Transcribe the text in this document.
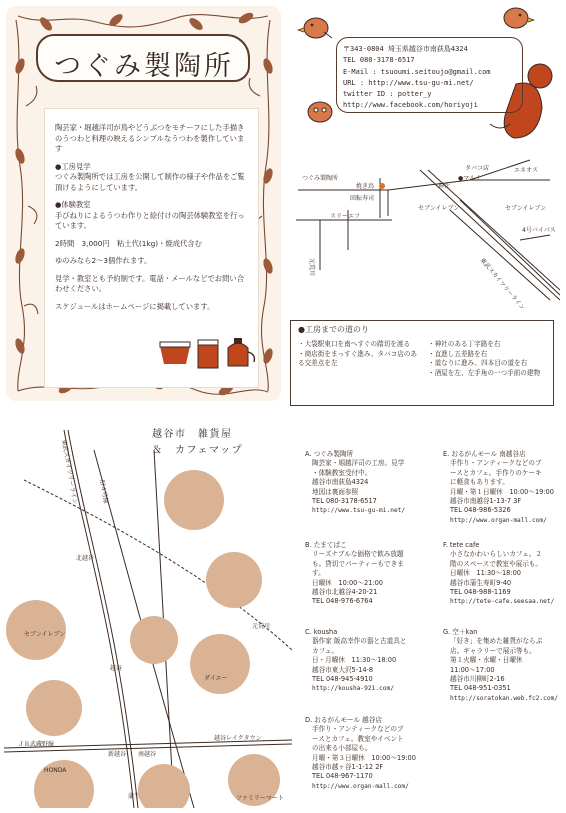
つぐみ製陶所

陶芸家・堀越洋司が鳥やどうぶつをモチーフにした手描きのうつわと料理の映えるシンプルなうつわを製作しています

●工房見学

つぐみ製陶所では工房を公開して制作の様子や作品をご覧頂けるようにしています。

●体験教室

手びねりによるうつわ作りと絵付けの陶芸体験教室を行っています。

2時間　3,000円　粘土代(1kg)・焼成代含む

ゆのみなら2～3個作れます。

見学・教室とも予約制です。電話・メールなどでお問い合わせください。

スケジュールはホームページに掲載しています。

〒343-0804 埼玉県越谷市南荻島4324
TEL 080-3178-6517
E-Mail : tsuoumi.seitoujo@gmail.com
URL : http://www.tsu-gu-mi.net/
twitter ID : potter_y
http://www.facebook.com/horiyoji
つぐみ製陶所
タバコ店
神社
●マルイ
セブンイレブン	セブンイレブン
エネオス
スリーエフ
回転寿司
焼き鳥
4号バイパス
東武スカイツリーライン
元荒川
●工房までの道のり
・大袋駅東口を南へすぐの踏切を渡る
・商店街をまっすぐ進み、タバコ店のある交差点を左
・神社のある丁字路を右
・直進し五差路を右
・道なりに進み、四本目の道を右
・酒屋を左、左手角の一つ手前の建物
旧４号線
東武スカイツリーライン
ＪＲ武蔵野線
越谷レイクタウン
元荒川
北越谷
越谷
南越谷
新越谷
蒲生
HONDA
セブンイレブン
ダイエー
ファミリーマート
越谷市　雑貨屋
＆　カフェマップ	A. つぐみ製陶所
陶芸家・堀越洋司の工房。見学
・体験教室受付中。
越谷市南荻島4324
地図は裏面参照
TEL 080-3178-6517
http://www.tsu-gu-mi.net/
B. たまてばこ
リーズナブルな価格で飲み放題
も。貸切でパーティーもできま
す。
日曜休　10:00～21:00
越谷市北越谷4-20-21
TEL 048-976-6764
C. kousha
器作家 飯高幸作の器と古道具と
カフェ。
日・月曜休　11:30～18:00
越谷市東大沢5-14-8
TEL 048-945-4910
http://kousha-921.com/
D. おるがんモール 越谷店
手作り・アンティークなどのブ
ースとカフェ。教室やイベント
の出来る小部屋も。
月曜・第３日曜休　10:00～19:00
越谷市越ヶ谷1-1-12 2F
TEL 048-967-1170
http://www.organ-mall.com/
E. おるがんモール 南越谷店
手作り・アンティークなどのブ
ースとカフェ。手作りのケーキ
に軽食もあります。
月曜・第１日曜休　10:00～19:00
越谷市南越谷1-13-7 3F
TEL 048-986-5326
http://www.organ-mall.com/
F. tete cafe
小さなかわいらしいカフェ。２
階のスペースで教室や展示も。
日曜休　11:30～18:00
越谷市蒲生寿町9-40
TEL 048-988-1169
http://tete-cafe.seesaa.net/
G. 空＋kan
「好き」を集めた雑貨がならぶ
店。ギャラリーで展示等も。
第１火曜・水曜・日曜休
11:00～17:00
越谷市川柳町2-16
TEL 048-951-0351
http://soratokan.web.fc2.com/
